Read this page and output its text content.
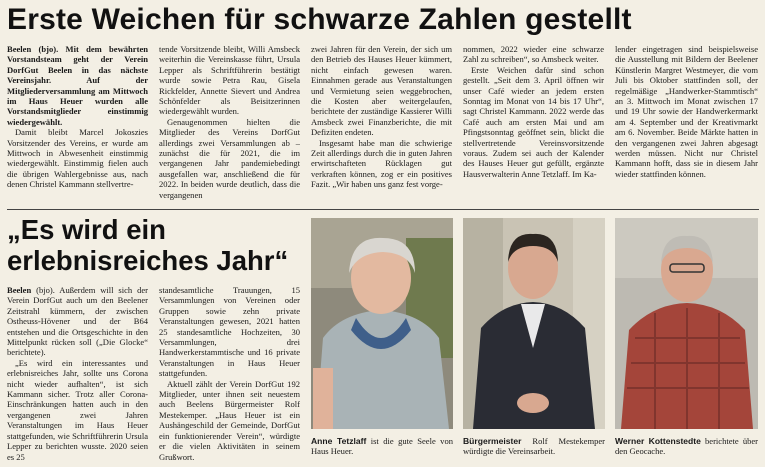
Erste Weichen für schwarze Zahlen gestellt

Beelen (bjo). Mit dem bewährten Vorstandsteam geht der Verein DorfGut Beelen in das nächste Vereinsjahr. Auf der Mitgliederversammlung am Mittwoch im Haus Heuer wurden alle Vorstandsmitglieder einstimmig wiedergewählt.

Damit bleibt Marcel Jokoszies Vorsitzender des Vereins, er wurde am Mittwoch in Abwesenheit einstimmig wiedergewählt. Einstimmig fielen auch die übrigen Wahlergebnisse aus, nach denen Christel Kammann stellvertre-

tende Vorsitzende bleibt, Willi Amsbeck weiterhin die Vereinskasse führt, Ursula Lepper als Schriftführerin bestätigt wurde sowie Petra Rau, Gisela Rickfelder, Annette Sievert und Andrea Schönfelder als Beisitzerinnen wiedergewählt wurden.

Genaugenommen hielten die Mitglieder des Vereins DorfGut allerdings zwei Versammlungen ab – zunächst die für 2021, die im vergangenen Jahr pandemiebedingt ausgefallen war, anschließend die für 2022. In beiden wurde deutlich, dass die vergangenen

zwei Jahren für den Verein, der sich um den Betrieb des Hauses Heuer kümmert, nicht einfach gewesen waren. Einnahmen gerade aus Veranstaltungen und Vermietung seien weggebrochen, die Kosten aber weitergelaufen, berichtete der zuständige Kassierer Willi Amsbeck zwei Finanzberichte, die mit Defiziten endeten.

Insgesamt habe man die schwierige Zeit allerdings durch die in guten Jahren erwirtschafteten Rücklagen gut verkraften können, zog er ein positives Fazit. „Wir haben uns ganz fest vorge-

nommen, 2022 wieder eine schwarze Zahl zu schreiben“, so Amsbeck weiter.

Erste Weichen dafür sind schon gestellt. „Seit dem 3. April öffnen wir unser Café wieder an jedem ersten Sonntag im Monat von 14 bis 17 Uhr“, sagt Christel Kammann. 2022 werde das Café auch am ersten Mai und am Pfingstsonntag geöffnet sein, blickt die stellvertretende Vereinsvorsitzende voraus. Zudem sei auch der Kalender des Hauses Heuer gut gefüllt, ergänzte Hausverwalterin Anne Tetzlaff. Im Ka-

lender eingetragen sind beispielsweise die Ausstellung mit Bildern der Beelener Künstlerin Margret Westmeyer, die vom Juli bis Oktober stattfinden soll, der regelmäßige „Handwerker-Stammtisch“ an 3. Mittwoch im Monat zwischen 17 und 19 Uhr sowie der Handwerkermarkt am 4. September und der Kreativmarkt am 6. November. Beide Märkte hatten in den vergangenen zwei Jahren abgesagt werden müssen. Nicht nur Christel Kammann hofft, dass sie in diesem Jahr wieder stattfinden können.

„Es wird ein
erlebnisreiches Jahr“

Beelen (bjo). Außerdem will sich der Verein DorfGut auch um den Beelener Zeitstrahl kümmern, der zwischen Ostheuss-Hövener und der B64 entstehen und die Ortsgeschichte in den Mittelpunkt rücken soll („Die Glocke“ berichtete).

„Es wird ein interessantes und erlebnisreiches Jahr, sollte uns Corona nicht wieder aufhalten“, ist sich Kammann sicher. Trotz aller Corona-Einschränkungen hatten auch in den vergangenen zwei Jahren Veranstaltungen im Haus Heuer stattgefunden, wie Schriftführerin Ursula Lepper zu berichten wusste. 2020 seien es 25

standesamtliche Trauungen, 15 Versammlungen von Vereinen oder Gruppen sowie zehn private Veranstaltungen gewesen, 2021 hatten 25 standesamtliche Hochzeiten, 30 Versammlungen, drei Handwerkerstammtische und 16 private Veranstaltungen in Haus Heuer stattgefunden.

Aktuell zählt der Verein DorfGut 192 Mitglieder, unter ihnen seit neuestem auch Beelens Bürgermeister Rolf Mestekemper. „Haus Heuer ist ein Aushängeschild der Gemeinde, DorfGut ein funktionierender Verein“, würdigte er die vielen Aktivitäten in seinem Grußwort.

Anne Tetzlaff ist die gute Seele von Haus Heuer.
Bürgermeister Rolf Mestekemper würdigte die Vereinsarbeit.
Werner Kottenstedte berichtete über den Geocache.
